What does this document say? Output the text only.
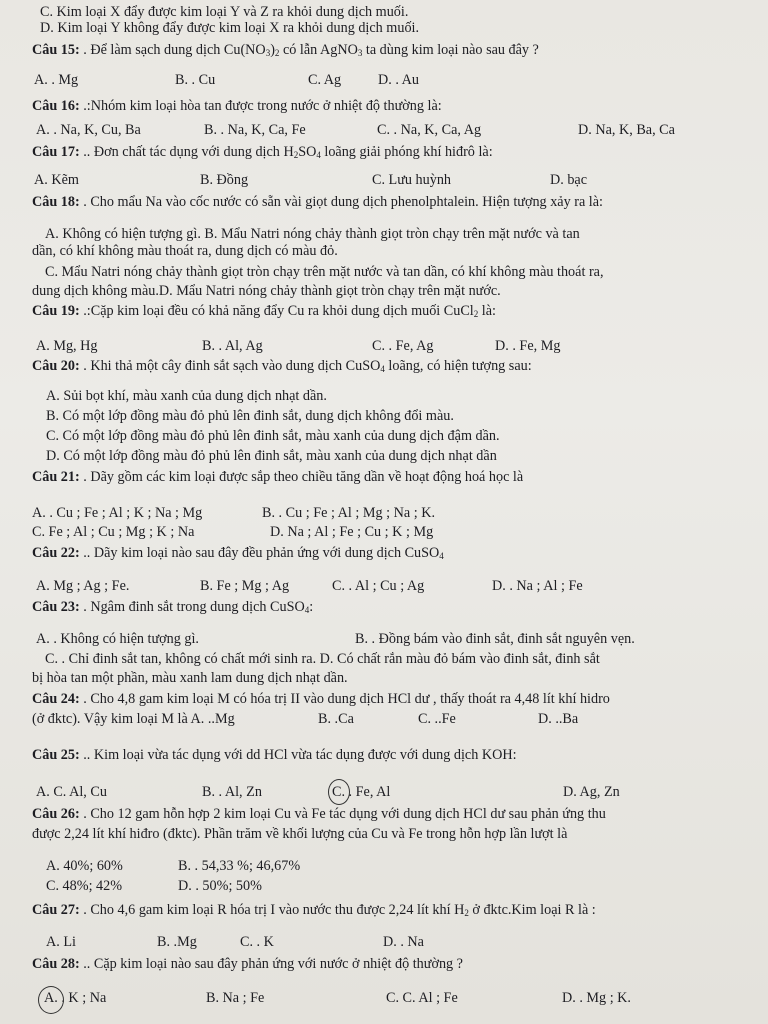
C. Kim loại X đẩy được kim loại Y và Z ra khỏi dung dịch muối.
D. Kim loại Y không đẩy được kim loại X ra khỏi dung dịch muối.
Câu 15: . Để làm sạch dung dịch $Cu(NO_3)_2$ có lẫn AgNO$_3$ ta dùng kim loại nào sau đây ?
A. . Mg	B. . Cu	C. Ag	D. . Au
Câu 16: .:Nhóm kim loại hòa tan được trong nước ở nhiệt độ thường là:
A. . Na, K, Cu, Ba	B. . Na, K, Ca, Fe	C. . Na, K, Ca, Ag	D. Na, K, Ba, Ca
Câu 17: .. Đơn chất tác dụng với dung dịch $H_2SO_4$ loãng giải phóng khí hiđrô là:
A. Kẽm	B. Đồng	C. Lưu huỳnh	D. bạc
Câu 18: . Cho mẩu Na vào cốc nước có sẵn vài giọt dung dịch phenolphtalein. Hiện tượng xảy ra là:
A. Không có hiện tượng gì. B. Mẩu Natri nóng chảy thành giọt tròn chạy trên mặt nước và tan
dần, có khí không màu thoát ra, dung dịch có màu đỏ.
C. Mẩu Natri nóng chảy thành giọt tròn chạy trên mặt nước và tan dần, có khí không màu thoát ra,
dung dịch không màu.D. Mẩu Natri nóng chảy thành giọt tròn chạy trên mặt nước.
Câu 19: .:Cặp kim loại đều có khả năng đẩy Cu ra khỏi dung dịch muối CuCl$_2$ là:
A. Mg, Hg	B. . Al, Ag	C. . Fe, Ag	D. . Fe, Mg
Câu 20: . Khi thả một cây đinh sắt sạch vào dung dịch CuSO$_4$ loãng, có hiện tượng sau:
A. Sủi bọt khí, màu xanh của dung dịch nhạt dần.
B. Có một lớp đồng màu đỏ phủ lên đinh sắt, dung dịch không đổi màu.
C. Có một lớp đồng màu đỏ phủ lên đinh sắt, màu xanh của dung dịch đậm dần.
D. Có một lớp đồng màu đỏ phủ lên đinh sắt, màu xanh của dung dịch nhạt dần
Câu 21: . Dãy gồm các kim loại được sắp theo chiều tăng dần về hoạt động hoá học là
A. . Cu ; Fe ; Al ; K ; Na ; Mg	B. . Cu ; Fe ; Al ; Mg ; Na ; K.
C. Fe ; Al ; Cu ; Mg ; K ; Na	D. Na ; Al ; Fe ; Cu ; K ; Mg
Câu 22: .. Dãy kim loại nào sau đây đều phản ứng với dung dịch CuSO$_4$
A. Mg ; Ag ; Fe.	B. Fe ; Mg ; Ag	C. . Al ; Cu ; Ag	D. . Na ; Al ; Fe
Câu 23: . Ngâm đinh sắt trong dung dịch CuSO$_4$:
A. . Không có hiện tượng gì.	B. . Đồng bám vào đinh sắt, đinh sắt nguyên vẹn.
C. . Chỉ đinh sắt tan, không có chất mới sinh ra. D. Có chất rắn màu đỏ bám vào đinh sắt, đinh sắt
bị hòa tan một phần, màu xanh lam dung dịch nhạt dần.
Câu 24: . Cho 4,8 gam kim loại M có hóa trị II vào dung dịch HCl dư , thấy thoát ra 4,48 lít khí hidro
(ở đktc). Vậy kim loại M là A. ..Mg	B. .Ca	C. ..Fe	D. ..Ba
Câu 25: .. Kim loại vừa tác dụng với dd HCl vừa tác dụng được với dung dịch KOH:
A. C. Al, Cu	B. . Al, Zn	C. . Fe, Al	D. Ag, Zn
Câu 26: . Cho 12 gam hỗn hợp 2 kim loại Cu và Fe tác dụng với dung dịch HCl dư sau phản ứng thu
được 2,24 lít khí hiđro (đktc). Phần trăm về khối lượng của Cu và Fe trong hỗn hợp lần lượt là
A. 40%; 60%	B. . 54,33 %; 46,67%
C. 48%; 42%	D. . 50%; 50%
Câu 27: . Cho 4,6 gam kim loại R hóa trị I vào nước thu được 2,24 lít khí $H_2$ ở đktc.Kim loại R là :
A. Li	B. .Mg	C. . K	D. . Na
Câu 28: .. Cặp kim loại nào sau đây phản ứng với nước ở nhiệt độ thường ?
A. . K ; Na	B. Na ; Fe	C. C. Al ; Fe	D. . Mg ; K.
